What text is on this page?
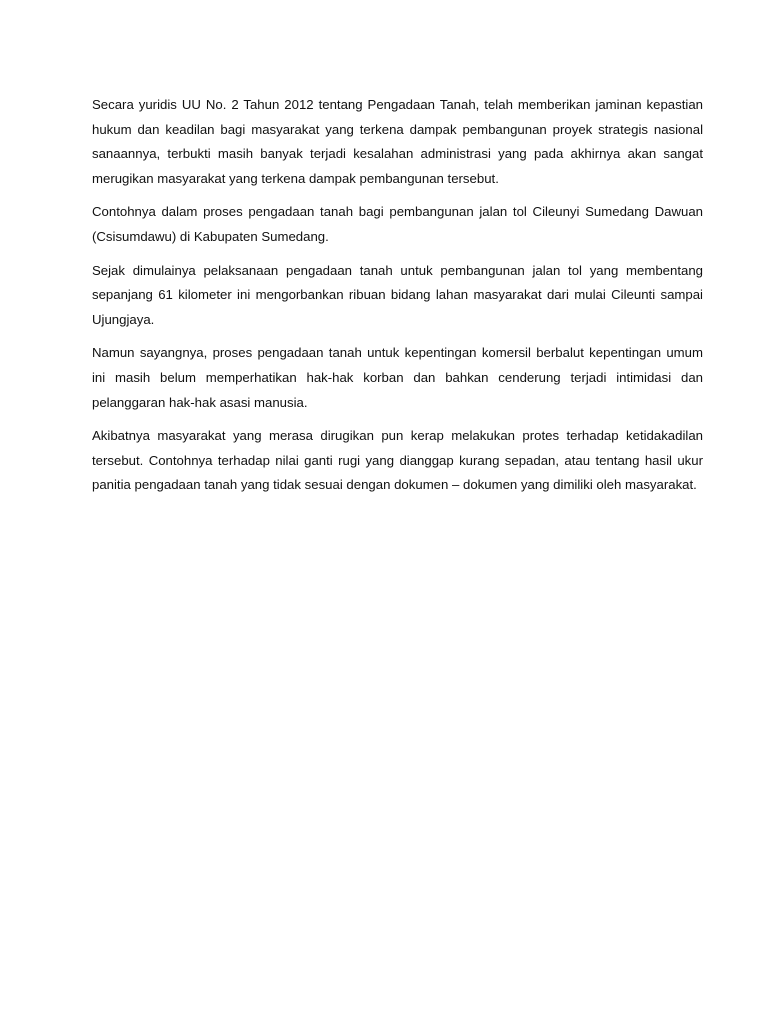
Secara yuridis UU No. 2 Tahun 2012 tentang Pengadaan Tanah, telah memberikan jaminan kepastian hukum dan keadilan bagi masyarakat yang terkena dampak pembangunan proyek strategis nasional sanaannya, terbukti masih banyak terjadi kesalahan administrasi yang pada akhirnya akan sangat merugikan masyarakat yang terkena dampak pembangunan tersebut.

Contohnya dalam proses pengadaan tanah bagi pembangunan jalan tol Cileunyi Sumedang Dawuan (Csisumdawu) di Kabupaten Sumedang.

Sejak dimulainya pelaksanaan pengadaan tanah untuk pembangunan jalan tol yang membentang sepanjang 61 kilometer ini mengorbankan ribuan bidang lahan masyarakat dari mulai Cileunti sampai Ujungjaya.

Namun sayangnya, proses pengadaan tanah untuk kepentingan komersil berbalut kepentingan umum ini masih belum memperhatikan hak-hak korban dan bahkan cenderung terjadi intimidasi dan pelanggaran hak-hak asasi manusia.

Akibatnya masyarakat yang merasa dirugikan pun kerap melakukan protes terhadap ketidakadilan tersebut. Contohnya terhadap nilai ganti rugi yang dianggap kurang sepadan, atau tentang hasil ukur panitia pengadaan tanah yang tidak sesuai dengan dokumen – dokumen yang dimiliki oleh masyarakat.
